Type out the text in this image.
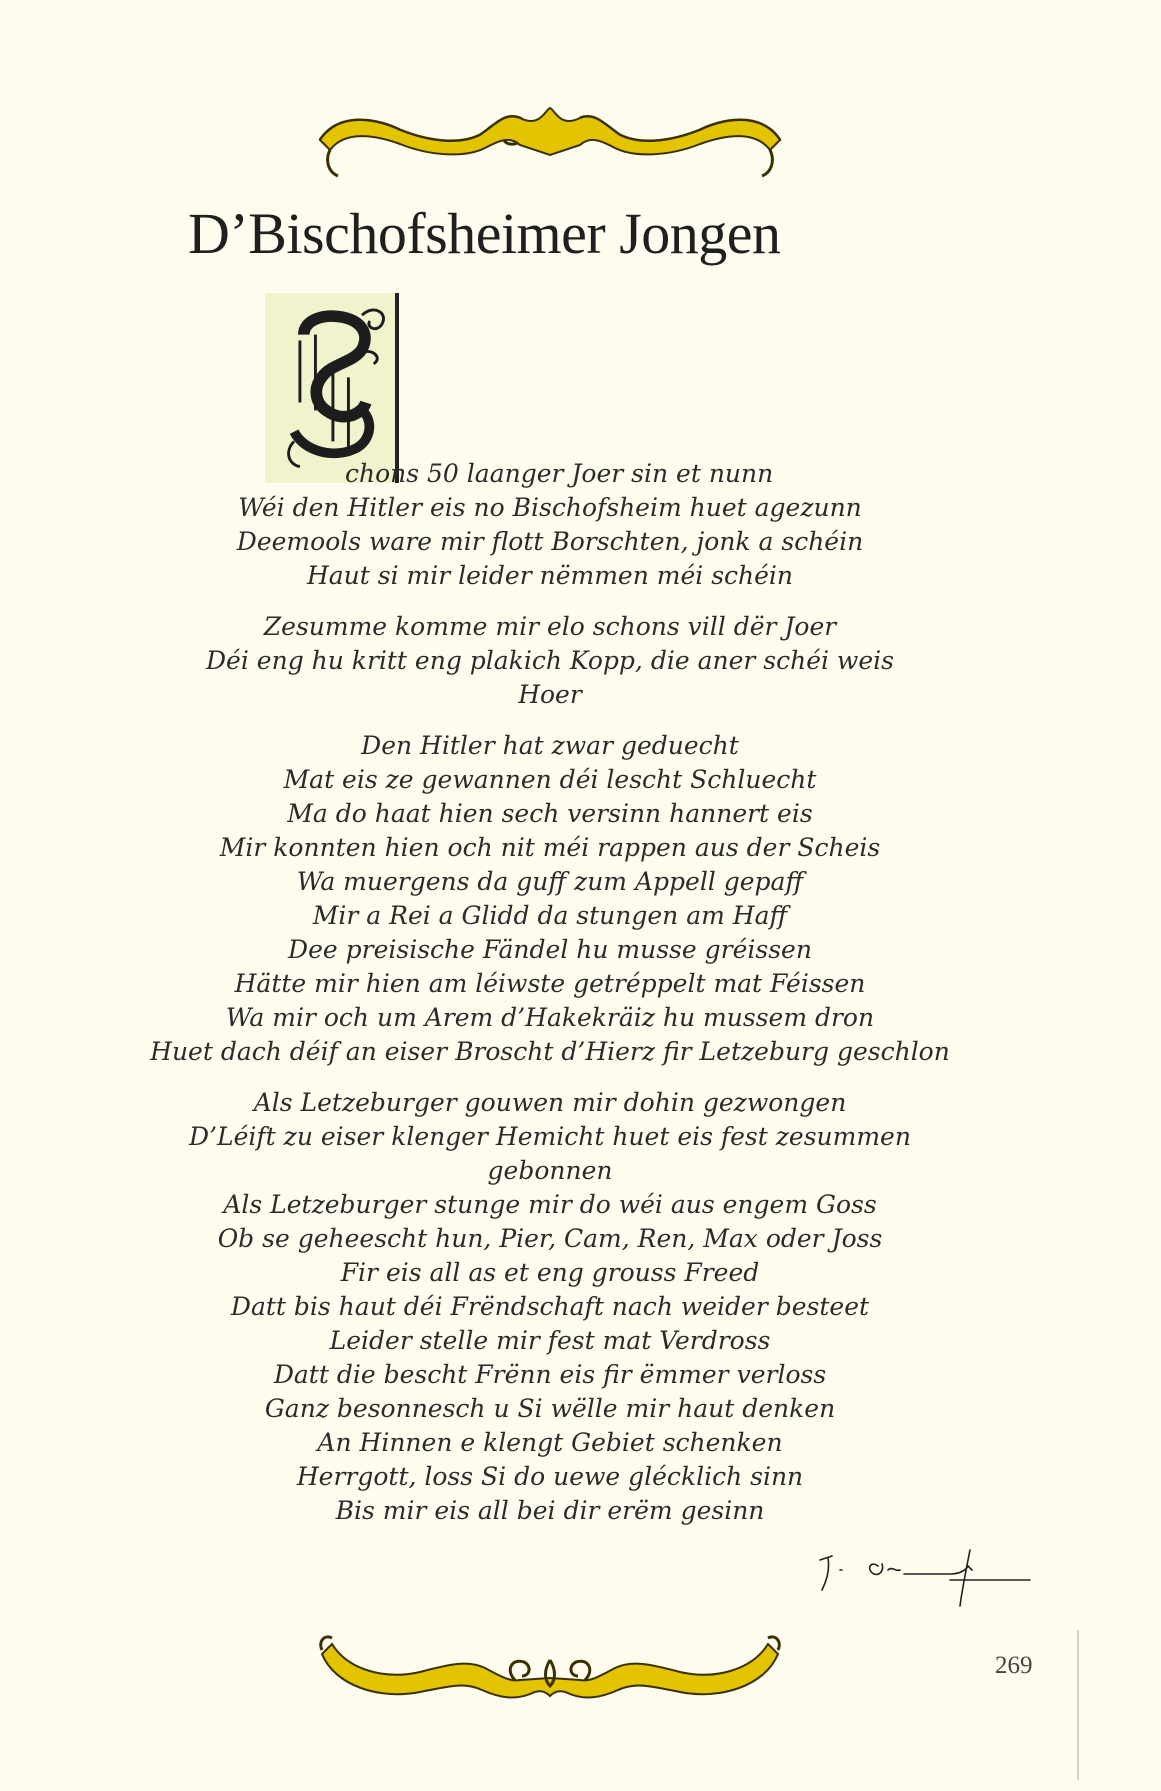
D’Bischofsheimer Jongen
chons 50 laanger Joer sin et nunn
Wéi den Hitler eis no Bischofsheim huet agezunn
Deemools ware mir flott Borschten, jonk a schéin
Haut si mir leider nëmmen méi schéin
Zesumme komme mir elo schons vill dër Joer
Déi eng hu kritt eng plakich Kopp, die aner schéi weis
Hoer
Den Hitler hat zwar geduecht
Mat eis ze gewannen déi lescht Schluecht
Ma do haat hien sech versinn hannert eis
Mir konnten hien och nit méi rappen aus der Scheis
Wa muergens da guff zum Appell gepaff
Mir a Rei a Glidd da stungen am Haff
Dee preisische Fändel hu musse gréissen
Hätte mir hien am léiwste getréppelt mat Féissen
Wa mir och um Arem d’Hakekräiz hu mussem dron
Huet dach déif an eiser Broscht d’Hierz fir Letzeburg geschlon
Als Letzeburger gouwen mir dohin gezwongen
D’Léift zu eiser klenger Hemicht huet eis fest zesummen
gebonnen
Als Letzeburger stunge mir do wéi aus engem Goss
Ob se geheescht hun, Pier, Cam, Ren, Max oder Joss
Fir eis all as et eng grouss Freed
Datt bis haut déi Frëndschaft nach weider besteet
Leider stelle mir fest mat Verdross
Datt die bescht Frënn eis fir ëmmer verloss
Ganz besonnesch u Si wëlle mir haut denken
An Hinnen e klengt Gebiet schenken
Herrgott, loss Si do uewe glécklich sinn
Bis mir eis all bei dir erëm gesinn
269
